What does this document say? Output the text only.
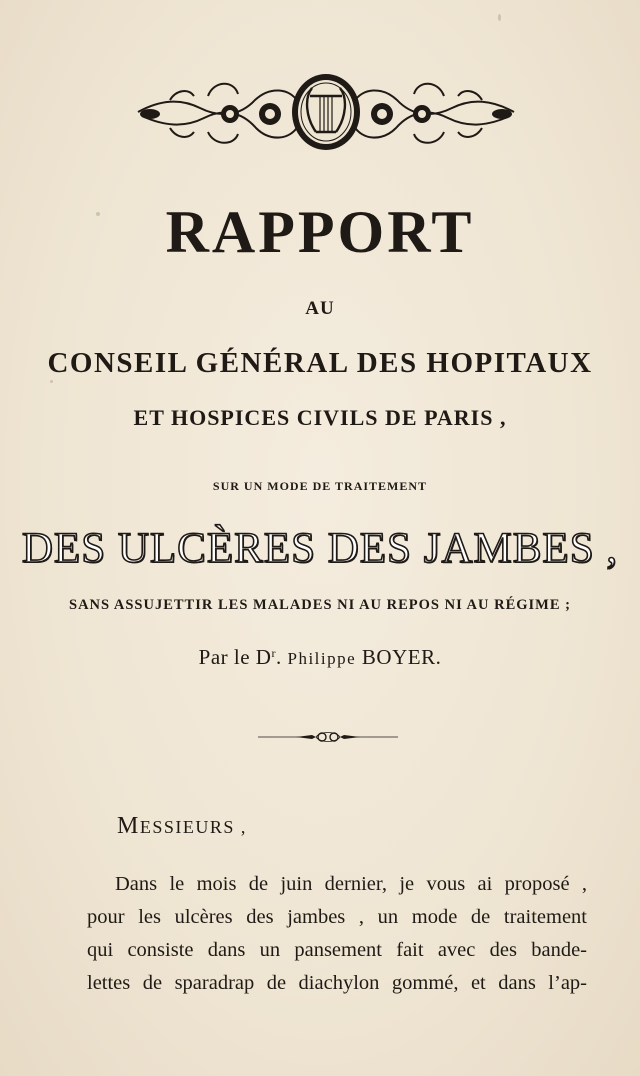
RAPPORT
AU
CONSEIL GÉNÉRAL DES HOPITAUX
ET HOSPICES CIVILS DE PARIS ,
SUR UN MODE DE TRAITEMENT
DES ULCÈRES DES JAMBES ,
SANS ASSUJETTIR LES MALADES NI AU REPOS NI AU RÉGIME ;
Par le $D^r$. Philippe BOYER.
MESSIEURS ,
Dans le mois de juin dernier, je vous ai proposé ,
pour les ulcères des jambes , un mode de traitement
qui consiste dans un pansement fait avec des bande-
lettes de sparadrap de diachylon gommé, et dans l’ap-
